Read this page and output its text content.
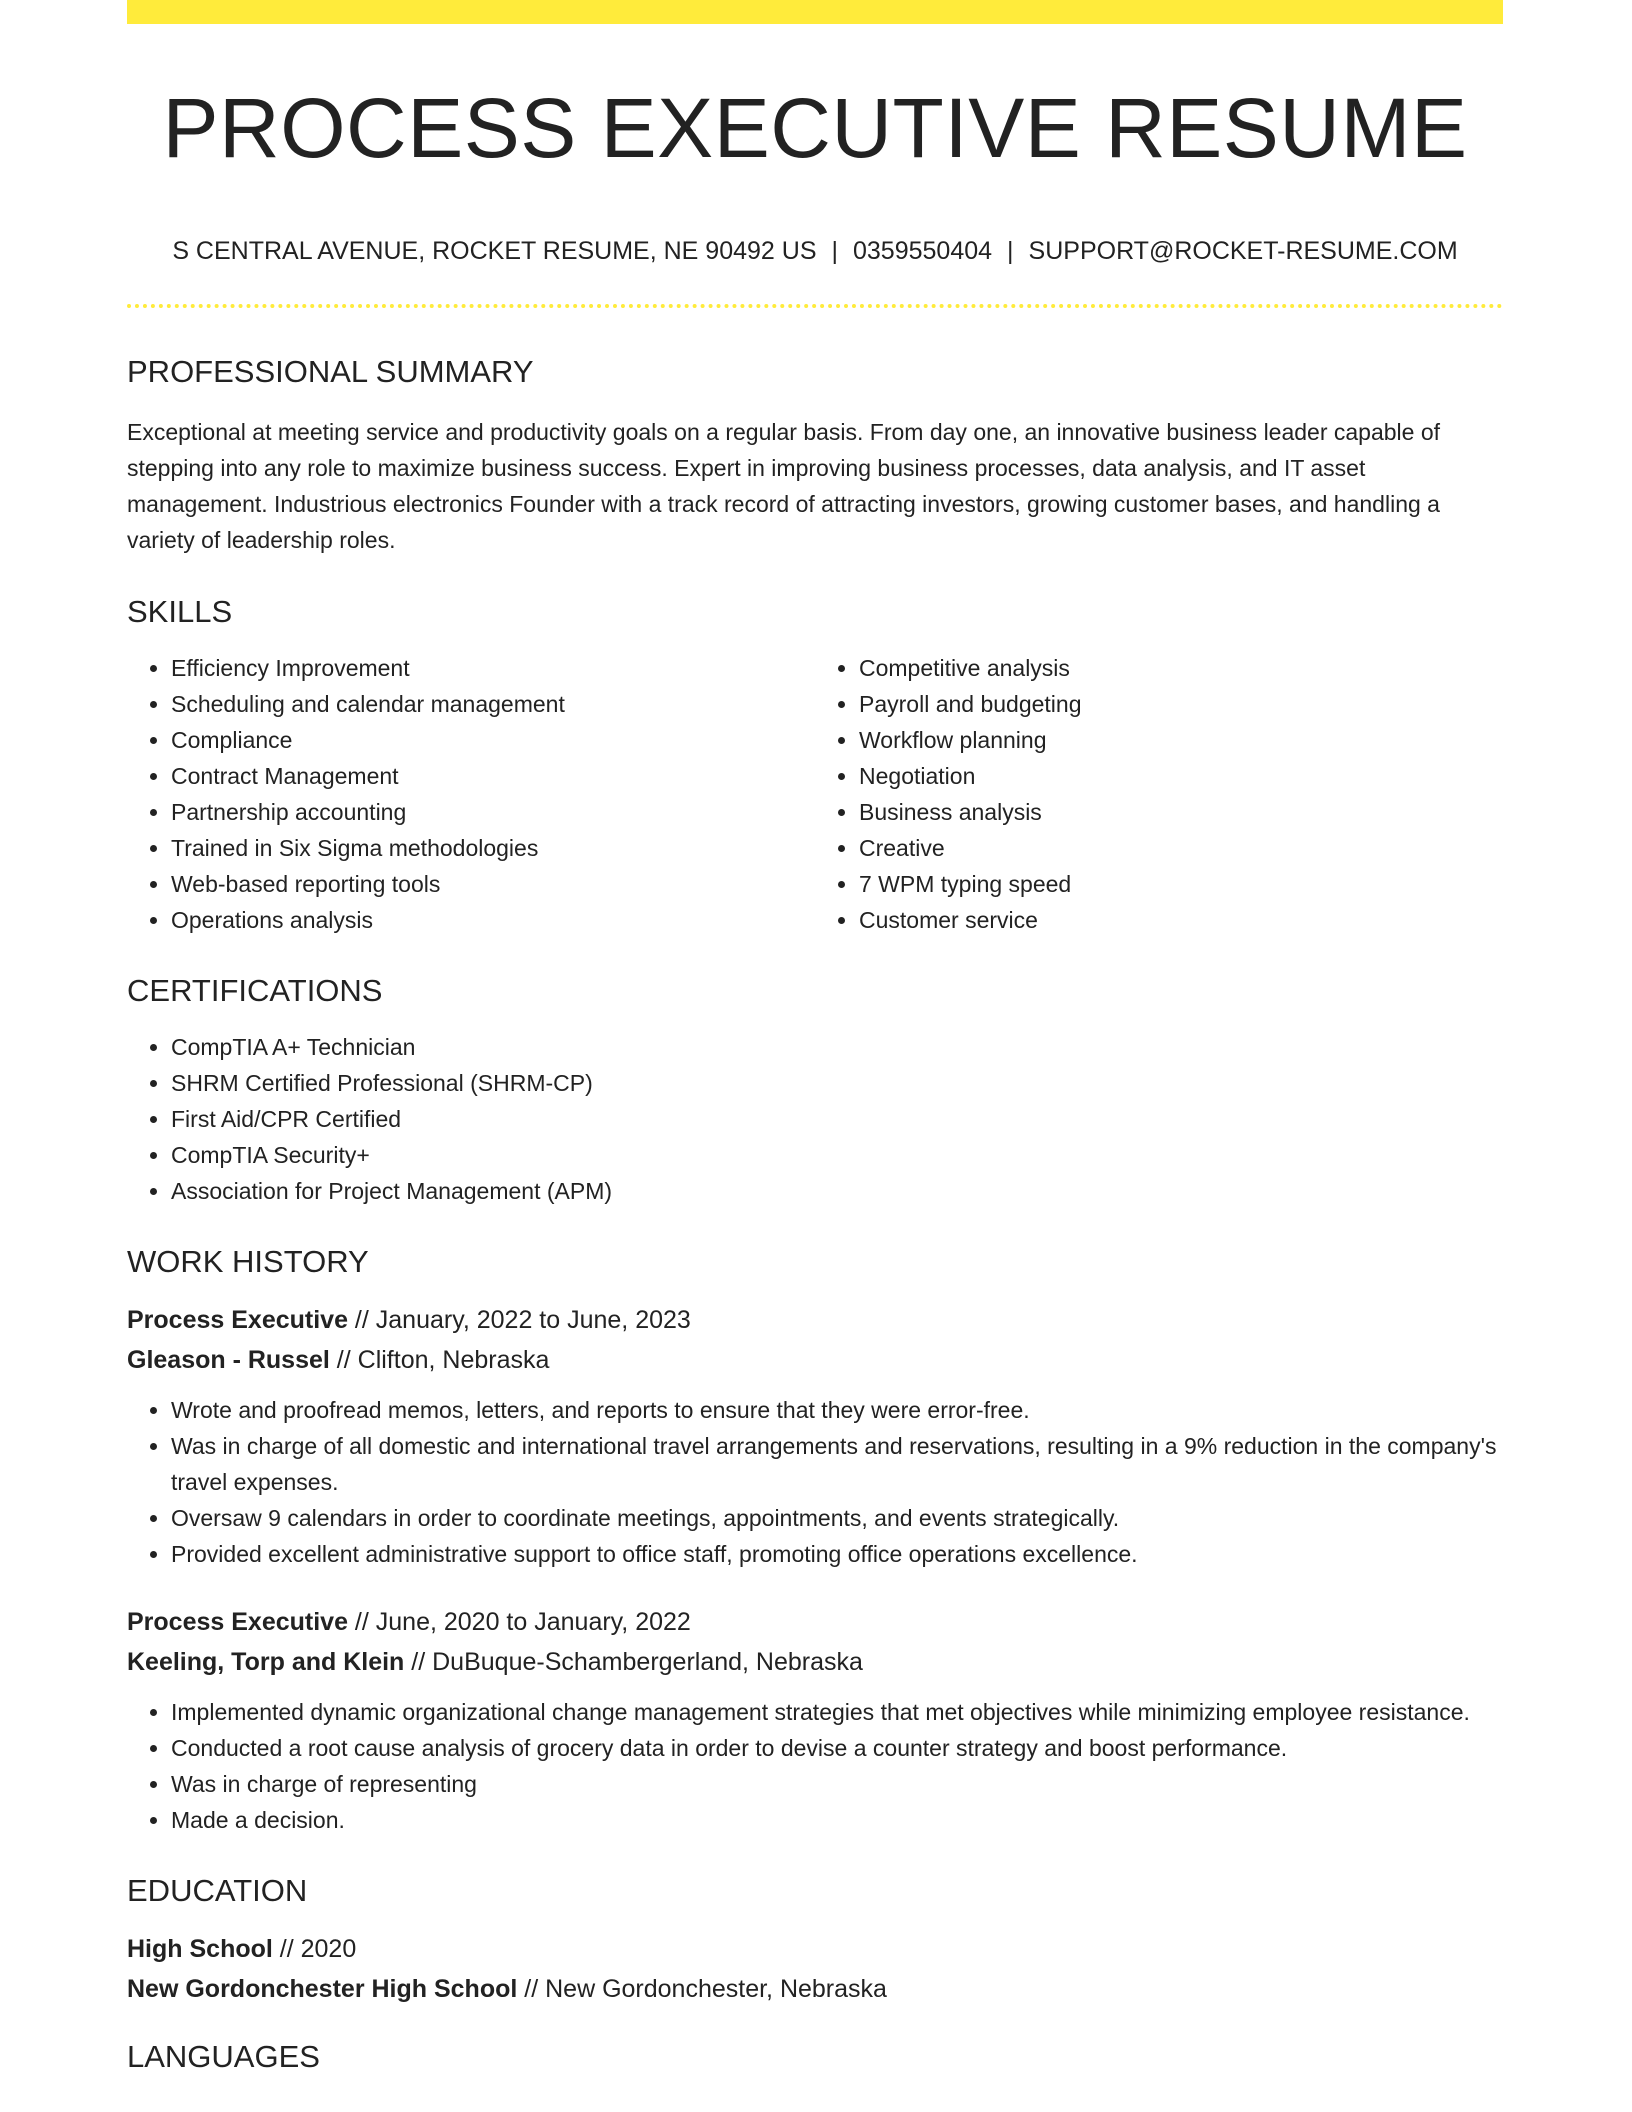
PROCESS EXECUTIVE RESUME
S CENTRAL AVENUE, ROCKET RESUME, NE 90492 US | 0359550404 | SUPPORT@ROCKET-RESUME.COM
PROFESSIONAL SUMMARY
Exceptional at meeting service and productivity goals on a regular basis. From day one, an innovative business leader capable of stepping into any role to maximize business success. Expert in improving business processes, data analysis, and IT asset management. Industrious electronics Founder with a track record of attracting investors, growing customer bases, and handling a variety of leadership roles.
SKILLS
• Efficiency Improvement
• Scheduling and calendar management
• Compliance
• Contract Management
• Partnership accounting
• Trained in Six Sigma methodologies
• Web-based reporting tools
• Operations analysis
• Competitive analysis
• Payroll and budgeting
• Workflow planning
• Negotiation
• Business analysis
• Creative
• 7 WPM typing speed
• Customer service
CERTIFICATIONS
• CompTIA A+ Technician
• SHRM Certified Professional (SHRM-CP)
• First Aid/CPR Certified
• CompTIA Security+
• Association for Project Management (APM)
WORK HISTORY
Process Executive // January, 2022 to June, 2023
Gleason - Russel // Clifton, Nebraska
• Wrote and proofread memos, letters, and reports to ensure that they were error-free.
• Was in charge of all domestic and international travel arrangements and reservations, resulting in a 9% reduction in the company's travel expenses.
• Oversaw 9 calendars in order to coordinate meetings, appointments, and events strategically.
• Provided excellent administrative support to office staff, promoting office operations excellence.
Process Executive // June, 2020 to January, 2022
Keeling, Torp and Klein // DuBuque-Schambergerland, Nebraska
• Implemented dynamic organizational change management strategies that met objectives while minimizing employee resistance.
• Conducted a root cause analysis of grocery data in order to devise a counter strategy and boost performance.
• Was in charge of representing
• Made a decision.
EDUCATION
High School // 2020
New Gordonchester High School // New Gordonchester, Nebraska
LANGUAGES
